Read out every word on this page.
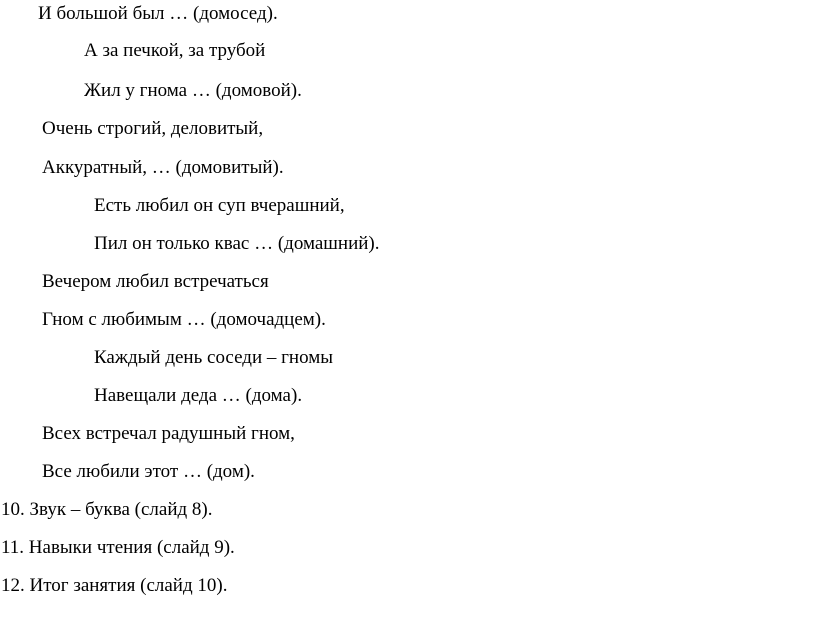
И большой был … (домосед).

А за печкой, за трубой

Жил у гнома … (домовой).

Очень строгий, деловитый,

Аккуратный, … (домовитый).

Есть любил он суп вчерашний,

Пил он только квас … (домашний).

Вечером любил встречаться

Гном с любимым … (домочадцем).

Каждый день соседи – гномы

Навещали деда … (дома).

Всех встречал радушный гном,

Все любили этот … (дом).

10. Звук – буква (слайд 8).

11. Навыки чтения (слайд 9).

12. Итог занятия (слайд 10).
